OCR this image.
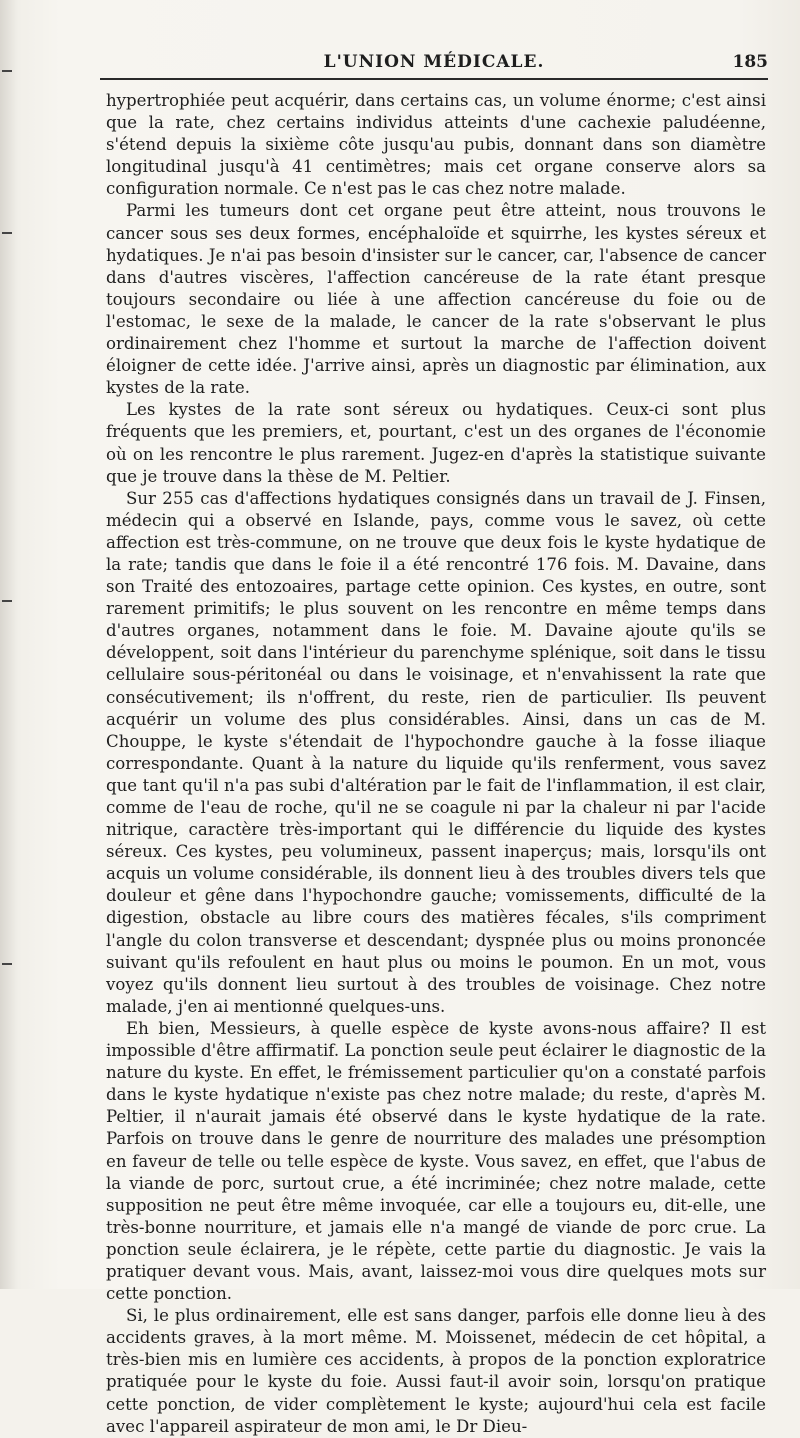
L'UNION MÉDICALE.	185

hypertrophiée peut acquérir, dans certains cas, un volume énorme; c'est ainsi que la rate, chez certains individus atteints d'une cachexie paludéenne, s'étend depuis la sixième côte jusqu'au pubis, donnant dans son diamètre longitudinal jusqu'à 41 centimètres; mais cet organe conserve alors sa configuration normale. Ce n'est pas le cas chez notre malade.

Parmi les tumeurs dont cet organe peut être atteint, nous trouvons le cancer sous ses deux formes, encéphaloïde et squirrhe, les kystes séreux et hydatiques. Je n'ai pas besoin d'insister sur le cancer, car, l'absence de cancer dans d'autres viscères, l'affection cancéreuse de la rate étant presque toujours secondaire ou liée à une affection cancéreuse du foie ou de l'estomac, le sexe de la malade, le cancer de la rate s'observant le plus ordinairement chez l'homme et surtout la marche de l'affection doivent éloigner de cette idée. J'arrive ainsi, après un diagnostic par élimination, aux kystes de la rate.

Les kystes de la rate sont séreux ou hydatiques. Ceux-ci sont plus fréquents que les premiers, et, pourtant, c'est un des organes de l'économie où on les rencontre le plus rarement. Jugez-en d'après la statistique suivante que je trouve dans la thèse de M. Peltier.

Sur 255 cas d'affections hydatiques consignés dans un travail de J. Finsen, médecin qui a observé en Islande, pays, comme vous le savez, où cette affection est très-commune, on ne trouve que deux fois le kyste hydatique de la rate; tandis que dans le foie il a été rencontré 176 fois. M. Davaine, dans son Traité des entozoaires, partage cette opinion. Ces kystes, en outre, sont rarement primitifs; le plus souvent on les rencontre en même temps dans d'autres organes, notamment dans le foie. M. Davaine ajoute qu'ils se développent, soit dans l'intérieur du parenchyme splénique, soit dans le tissu cellulaire sous-péritonéal ou dans le voisinage, et n'envahissent la rate que consécutivement; ils n'offrent, du reste, rien de particulier. Ils peuvent acquérir un volume des plus considérables. Ainsi, dans un cas de M. Chouppe, le kyste s'étendait de l'hypochondre gauche à la fosse iliaque correspondante. Quant à la nature du liquide qu'ils renferment, vous savez que tant qu'il n'a pas subi d'altération par le fait de l'inflammation, il est clair, comme de l'eau de roche, qu'il ne se coagule ni par la chaleur ni par l'acide nitrique, caractère très-important qui le différencie du liquide des kystes séreux. Ces kystes, peu volumineux, passent inaperçus; mais, lorsqu'ils ont acquis un volume considérable, ils donnent lieu à des troubles divers tels que douleur et gêne dans l'hypochondre gauche; vomissements, difficulté de la digestion, obstacle au libre cours des matières fécales, s'ils compriment l'angle du colon transverse et descendant; dyspnée plus ou moins prononcée suivant qu'ils refoulent en haut plus ou moins le poumon. En un mot, vous voyez qu'ils donnent lieu surtout à des troubles de voisinage. Chez notre malade, j'en ai mentionné quelques-uns.

Eh bien, Messieurs, à quelle espèce de kyste avons-nous affaire? Il est impossible d'être affirmatif. La ponction seule peut éclairer le diagnostic de la nature du kyste. En effet, le frémissement particulier qu'on a constaté parfois dans le kyste hydatique n'existe pas chez notre malade; du reste, d'après M. Peltier, il n'aurait jamais été observé dans le kyste hydatique de la rate. Parfois on trouve dans le genre de nourriture des malades une présomption en faveur de telle ou telle espèce de kyste. Vous savez, en effet, que l'abus de la viande de porc, surtout crue, a été incriminée; chez notre malade, cette supposition ne peut être même invoquée, car elle a toujours eu, dit-elle, une très-bonne nourriture, et jamais elle n'a mangé de viande de porc crue. La ponction seule éclairera, je le répète, cette partie du diagnostic. Je vais la pratiquer devant vous. Mais, avant, laissez-moi vous dire quelques mots sur cette ponction.

Si, le plus ordinairement, elle est sans danger, parfois elle donne lieu à des accidents graves, à la mort même. M. Moissenet, médecin de cet hôpital, a très-bien mis en lumière ces accidents, à propos de la ponction exploratrice pratiquée pour le kyste du foie. Aussi faut-il avoir soin, lorsqu'on pratique cette ponction, de vider complètement le kyste; aujourd'hui cela est facile avec l'appareil aspirateur de mon ami, le Dr Dieu-
